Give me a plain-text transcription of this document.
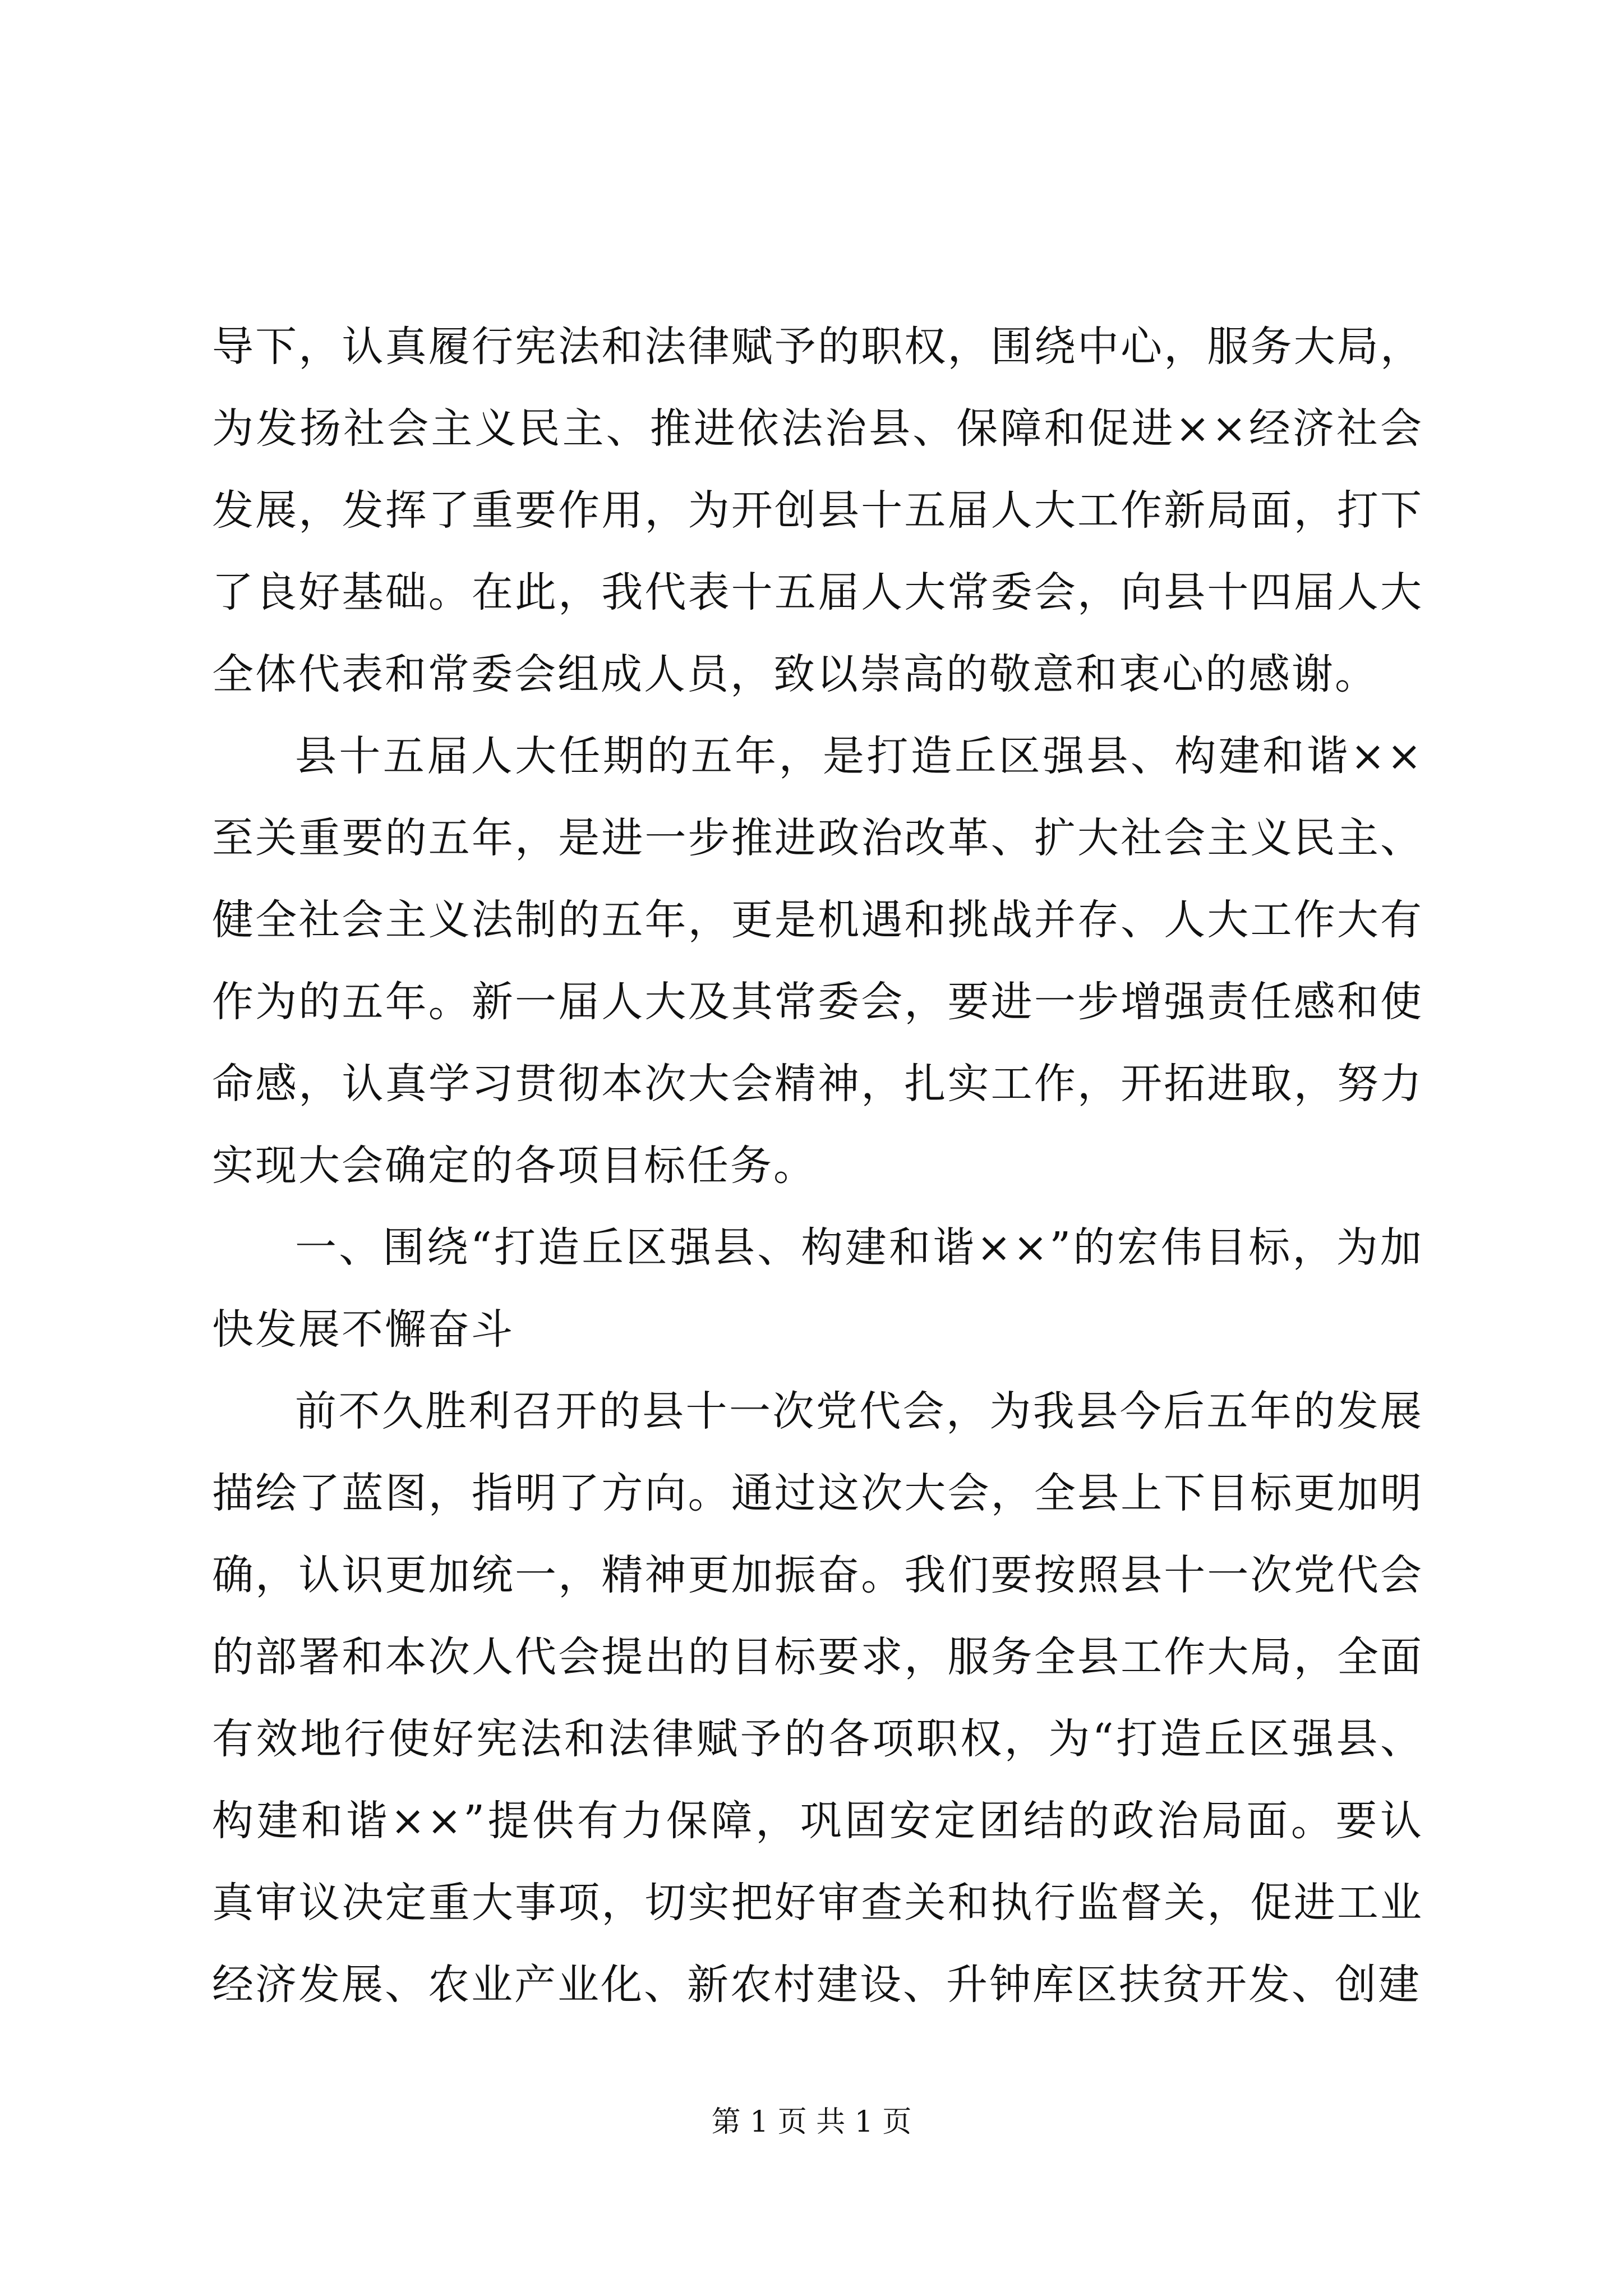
导下，认真履行宪法和法律赋予的职权，围绕中心，服务大局，为发扬社会主义民主、推进依法治县、保障和促进××经济社会发展，发挥了重要作用，为开创县十五届人大工作新局面，打下了良好基础。在此，我代表十五届人大常委会，向县十四届人大全体代表和常委会组成人员，致以崇高的敬意和衷心的感谢。

县十五届人大任期的五年，是打造丘区强县、构建和谐××至关重要的五年，是进一步推进政治改革、扩大社会主义民主、健全社会主义法制的五年，更是机遇和挑战并存、人大工作大有作为的五年。新一届人大及其常委会，要进一步增强责任感和使命感，认真学习贯彻本次大会精神，扎实工作，开拓进取，努力实现大会确定的各项目标任务。

一、围绕“打造丘区强县、构建和谐××”的宏伟目标，为加快发展不懈奋斗

前不久胜利召开的县十一次党代会，为我县今后五年的发展描绘了蓝图，指明了方向。通过这次大会，全县上下目标更加明确，认识更加统一，精神更加振奋。我们要按照县十一次党代会的部署和本次人代会提出的目标要求，服务全县工作大局，全面有效地行使好宪法和法律赋予的各项职权，为“打造丘区强县、构建和谐××”提供有力保障，巩固安定团结的政治局面。要认真审议决定重大事项，切实把好审查关和执行监督关，促进工业经济发展、农业产业化、新农村建设、升钟库区扶贫开发、创建

第 1 页 共 1 页
